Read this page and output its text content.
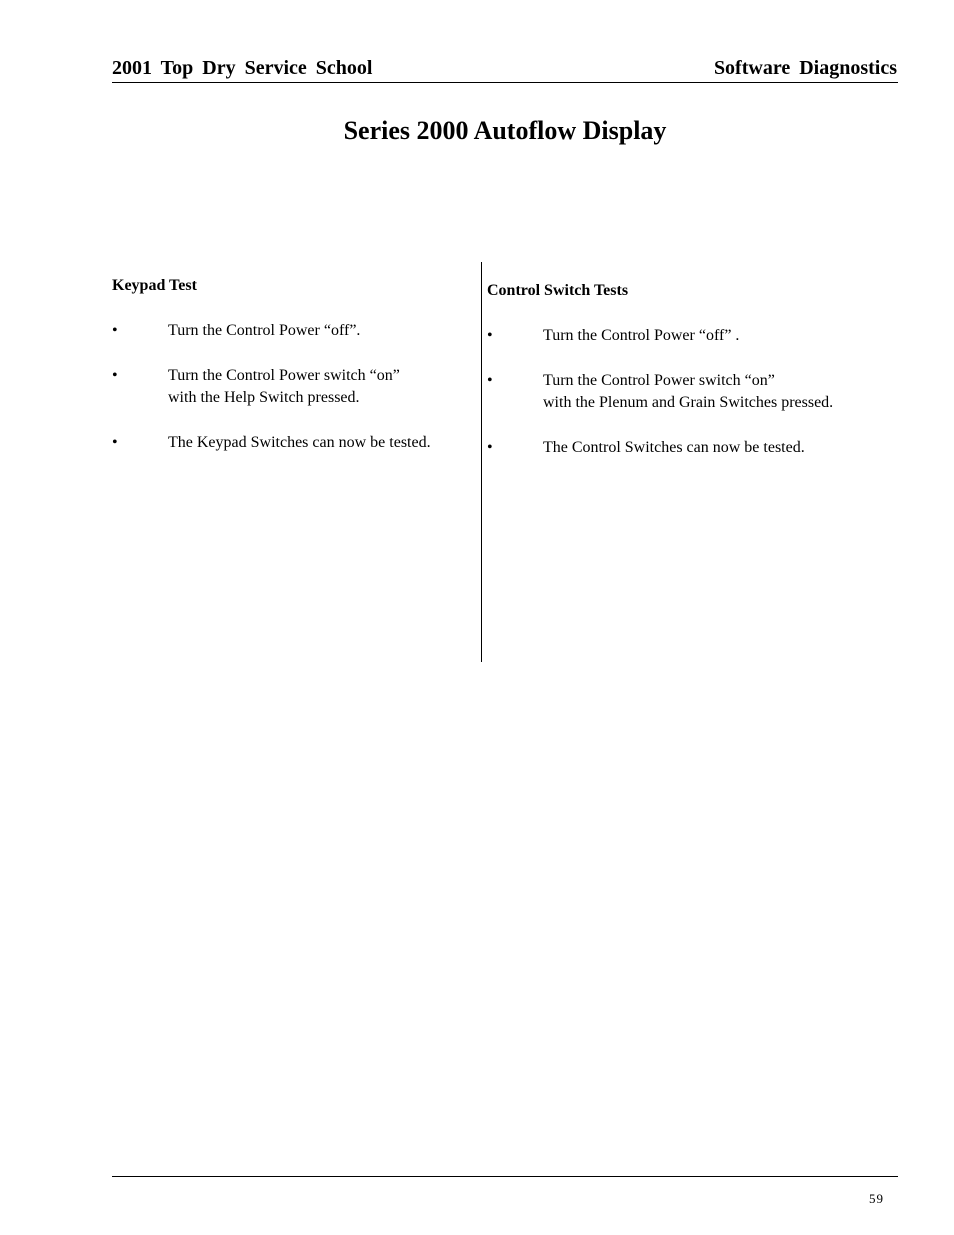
2001 Top Dry Service School	Software Diagnostics
Series 2000 Autoflow Display
Keypad Test
•	Turn the Control Power “off”.
•	Turn the Control Power switch “on”
with the Help Switch pressed.
•	The Keypad Switches can now be tested.
Control Switch Tests
•	Turn the Control Power “off” .
•	Turn the Control Power switch “on”
with the Plenum and Grain Switches pressed.
•	The Control Switches can now be tested.
59
